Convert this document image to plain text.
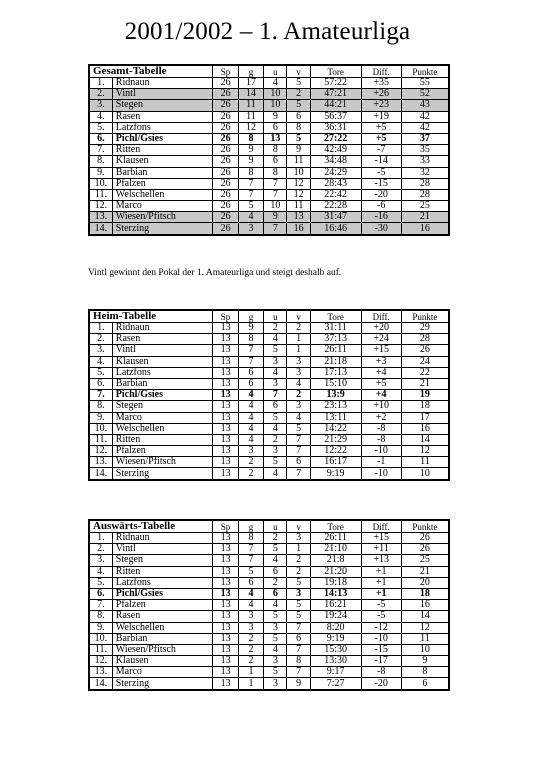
2001/2002 – 1. Amateurliga
Gesamt-Tabelle		Sp	g	u	v	Tore	Diff.	Punkte
1.	Ridnaun	26	17	4	5	57:22	+35	55
2.	Vintl	26	14	10	2	47:21	+26	52
3.	Stegen	26	11	10	5	44:21	+23	43
4.	Rasen	26	11	9	6	56:37	+19	42
5.	Latzfons	26	12	6	8	36:31	+5	42
6.	Pichl/Gsies	26	8	13	5	27:22	+5	37
7.	Ritten	26	9	8	9	42:49	-7	35
8.	Klausen	26	9	6	11	34:48	-14	33
9.	Barbian	26	8	8	10	24:29	-5	32
10.	Pfalzen	26	7	7	12	28:43	-15	28
11.	Welschellen	26	7	7	12	22:42	-20	28
12.	Marco	26	5	10	11	22:28	-6	25
13.	Wiesen/Pfitsch	26	4	9	13	31:47	-16	21
14.	Sterzing	26	3	7	16	16:46	-30	16
Vintl gewinnt den Pokal der 1. Amateurliga und steigt deshalb auf.
Heim-Tabelle		Sp	g	u	v	Tore	Diff.	Punkte
1.	Ridnaun	13	9	2	2	31:11	+20	29
2.	Rasen	13	8	4	1	37:13	+24	28
3.	Vintl	13	7	5	1	26:11	+15	26
4.	Klausen	13	7	3	3	21:18	+3	24
5.	Latzfons	13	6	4	3	17:13	+4	22
6.	Barbian	13	6	3	4	15:10	+5	21
7.	Pichl/Gsies	13	4	7	2	13:9	+4	19
8.	Stegen	13	4	6	3	23:13	+10	18
9.	Marco	13	4	5	4	13:11	+2	17
10.	Welschellen	13	4	4	5	14:22	-8	16
11.	Ritten	13	4	2	7	21:29	-8	14
12.	Pfalzen	13	3	3	7	12:22	-10	12
13.	Wiesen/Pfitsch	13	2	5	6	16:17	-1	11
14.	Sterzing	13	2	4	7	9:19	-10	10
Auswärts-Tabelle		Sp	g	u	v	Tore	Diff.	Punkte
1.	Ridnaun	13	8	2	3	26:11	+15	26
2.	Vintl	13	7	5	1	21:10	+11	26
3.	Stegen	13	7	4	2	21:8	+13	25
4.	Ritten	13	5	6	2	21:20	+1	21
5.	Latzfons	13	6	2	5	19:18	+1	20
6.	Pichl/Gsies	13	4	6	3	14:13	+1	18
7.	Pfalzen	13	4	4	5	16:21	-5	16
8.	Rasen	13	3	5	5	19:24	-5	14
9.	Welschellen	13	3	3	7	8:20	-12	12
10.	Barbian	13	2	5	6	9:19	-10	11
11.	Wiesen/Pfitsch	13	2	4	7	15:30	-15	10
12.	Klausen	13	2	3	8	13:30	-17	9
13.	Marco	13	1	5	7	9:17	-8	8
14.	Sterzing	13	1	3	9	7:27	-20	6
